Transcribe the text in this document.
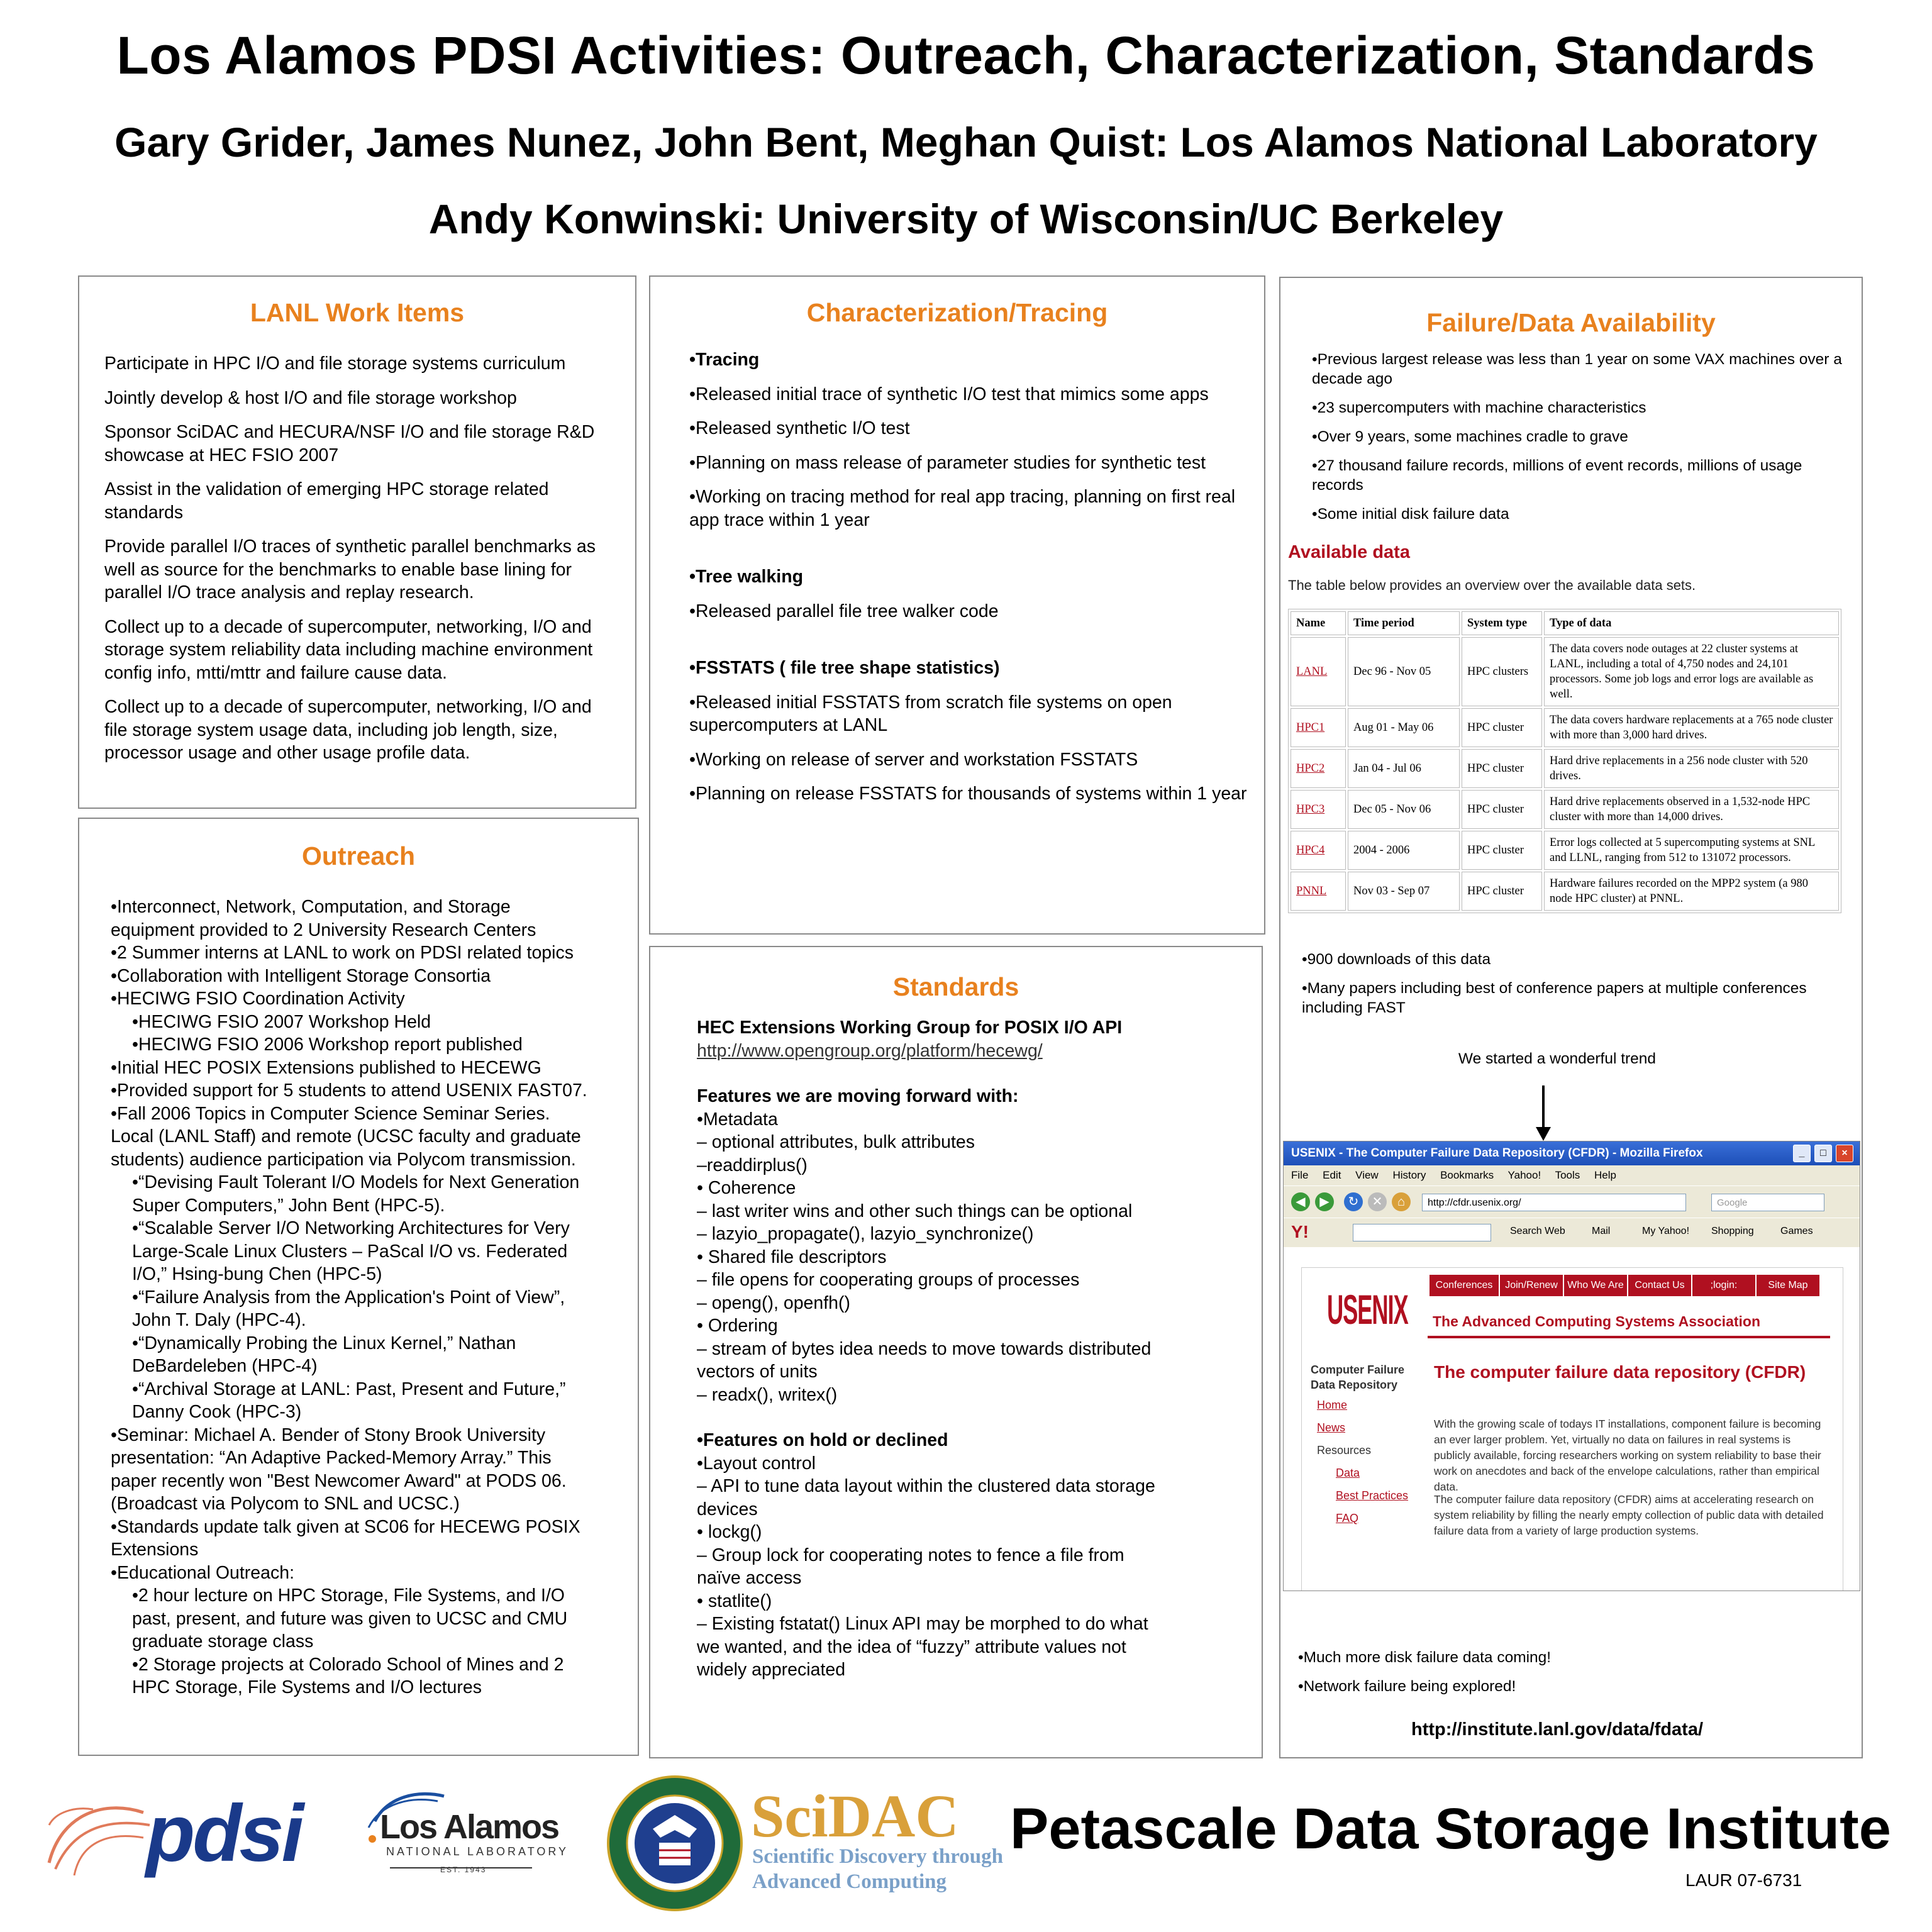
Los Alamos PDSI Activities: Outreach, Characterization, Standards
Gary Grider, James Nunez, John Bent, Meghan Quist: Los Alamos National Laboratory
Andy Konwinski: University of Wisconsin/UC Berkeley
LANL Work Items

Participate in HPC I/O and file storage systems curriculum

Jointly develop & host I/O and file storage workshop

Sponsor SciDAC and HECURA/NSF I/O and file storage R&D showcase at HEC FSIO 2007

Assist in the validation of emerging HPC storage related standards

Provide parallel I/O traces of synthetic parallel benchmarks as well as source for the benchmarks to enable base lining for parallel I/O trace analysis and replay research.

Collect up to a decade of supercomputer, networking, I/O and storage system reliability data including machine environment config info, mtti/mttr and failure cause data.

Collect up to a decade of supercomputer, networking, I/O and file storage system usage data, including job length, size, processor usage and other usage profile data.

Outreach
•Interconnect, Network, Computation, and Storage
equipment provided to 2 University Research Centers
•2 Summer interns at LANL to work on PDSI related topics
•Collaboration with Intelligent Storage Consortia
•HECIWG FSIO Coordination Activity
•HECIWG FSIO 2007 Workshop Held
•HECIWG FSIO 2006 Workshop report published
•Initial HEC POSIX Extensions published to HECEWG
•Provided support for 5 students to attend USENIX FAST07.
•Fall 2006 Topics in Computer Science Seminar Series.
Local (LANL Staff) and remote (UCSC faculty and graduate
students) audience participation via Polycom transmission.
•“Devising Fault Tolerant I/O Models for Next Generation
Super Computers,” John Bent (HPC-5).
•“Scalable Server I/O Networking Architectures for Very
Large-Scale Linux Clusters – PaScal I/O vs. Federated
I/O,” Hsing-bung Chen (HPC-5)
•“Failure Analysis from the Application's Point of View”,
John T. Daly (HPC-4).
•“Dynamically Probing the Linux Kernel,” Nathan
DeBardeleben (HPC-4)
•“Archival Storage at LANL: Past, Present and Future,”
Danny Cook (HPC-3)
•Seminar: Michael A. Bender of Stony Brook University
presentation: “An Adaptive Packed-Memory Array.” This
paper recently won "Best Newcomer Award" at PODS 06.
(Broadcast via Polycom to SNL and UCSC.)
•Standards update talk given at SC06 for HECEWG POSIX
Extensions
•Educational Outreach:
•2 hour lecture on HPC Storage, File Systems, and I/O
past, present, and future was given to UCSC and CMU
graduate storage class
•2 Storage projects at Colorado School of Mines and 2
HPC Storage, File Systems and I/O lectures
Characterization/Tracing

•Tracing

•Released initial trace of synthetic I/O test that mimics some apps

•Released synthetic I/O test

•Planning on mass release of parameter studies for synthetic test

•Working on tracing method for real app tracing, planning on first real app trace within 1 year

•Tree walking

•Released parallel file tree walker code

•FSSTATS ( file tree shape statistics)

•Released initial FSSTATS from scratch file systems on open supercomputers at LANL

•Working on release of server and workstation FSSTATS

•Planning on release FSSTATS for thousands of systems within 1 year

Standards
HEC Extensions Working Group for POSIX I/O API
http://www.opengroup.org/platform/hecewg/
Features we are moving forward with:
•Metadata
– optional attributes, bulk attributes
–readdirplus()
• Coherence
– last writer wins and other such things can be optional
– lazyio_propagate(), lazyio_synchronize()
• Shared file descriptors
– file opens for cooperating groups of processes
– openg(), openfh()
• Ordering
– stream of bytes idea needs to move towards distributed
vectors of units
– readx(), writex()
•Features on hold or declined
•Layout control
– API to tune data layout within the clustered data storage
devices
• lockg()
– Group lock for cooperating notes to fence a file from
naïve access
• statlite()
– Existing fstatat() Linux API may be morphed to do what
we wanted, and the idea of “fuzzy” attribute values not
widely appreciated
Failure/Data Availability

•Previous largest release was less than 1 year on some VAX machines over a decade ago

•23 supercomputers with machine characteristics

•Over 9 years, some machines cradle to grave

•27 thousand failure records, millions of event records, millions of usage records

•Some initial disk failure data

•900 downloads of this data

•Many papers including best of conference papers at multiple conferences including FAST

We started a wonderful trend

•Much more disk failure data coming!

•Network failure being explored!

http://institute.lanl.gov/data/fdata/
Available data
The table below provides an overview over the available data sets.
Name	Time period	System type	Type of data
LANL	Dec 96 - Nov 05	HPC clusters	The data covers node outages at 22 cluster systems at LANL, including a total of 4,750 nodes and 24,101 processors. Some job logs and error logs are available as well.
HPC1	Aug 01 - May 06	HPC cluster	The data covers hardware replacements at a 765 node cluster with more than 3,000 hard drives.
HPC2	Jan 04 - Jul 06	HPC cluster	Hard drive replacements in a 256 node cluster with 520 drives.
HPC3	Dec 05 - Nov 06	HPC cluster	Hard drive replacements observed in a 1,532-node HPC cluster with more than 14,000 drives.
HPC4	2004 - 2006	HPC cluster	Error logs collected at 5 supercomputing systems at SNL and LLNL, ranging from 512 to 131072 processors.
PNNL	Nov 03 - Sep 07	HPC cluster	Hardware failures recorded on the MPP2 system (a 980 node HPC cluster) at PNNL.
USENIX - The Computer Failure Data Repository (CFDR) - Mozilla Firefox	_	□	×
File Edit View History Bookmarks Yahoo! Tools Help
◀	▶	↻	✕	⌂	http://cfdr.usenix.org/	Google
Y!	Search Web	Mail	My Yahoo! Shopping	Games
USENIX
Conferences	Join/Renew Who We Are	Contact Us	;login:	Site Map
The Advanced Computing Systems Association
Computer Failure Data Repository
Home
News
Resources
Data
Best Practices
FAQ
The computer failure data repository (CFDR)
With the growing scale of todays IT installations, component failure is becoming an ever larger problem. Yet, virtually no data on failures in real systems is publicly available, forcing researchers working on system reliability to base their work on anecdotes and back of the envelope calculations, rather than empirical data.
The computer failure data repository (CFDR) aims at accelerating research on system reliability by filling the nearly empty collection of public data with detailed failure data from a variety of large production systems.
pdsi Los Alamos
NATIONAL LABORATORY
EST. 1943
SciDAC
Scientific Discovery through
Advanced Computing
Petascale Data Storage Institute
LAUR 07-6731
